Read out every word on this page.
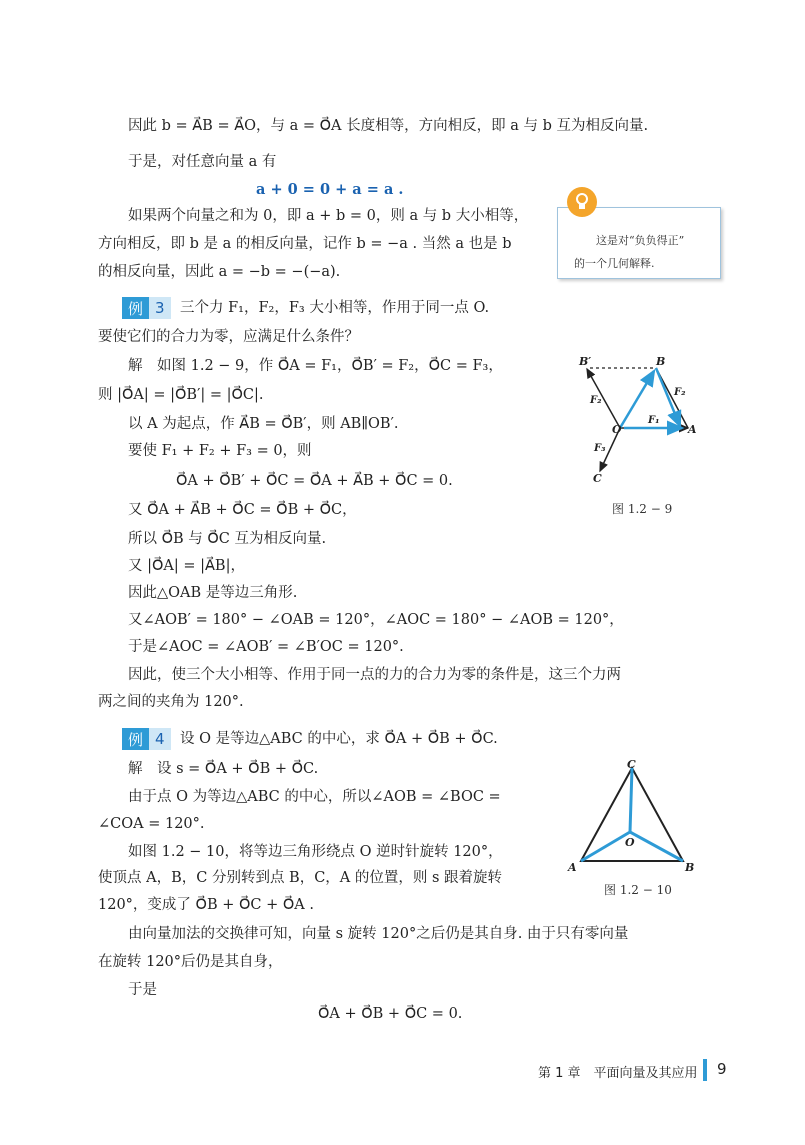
因此 b = A⃗B = A⃗O，与 a = O⃗A 长度相等，方向相反，即 a 与 b 互为相反向量.
于是，对任意向量 a 有
a + 0 = 0 + a = a .
如果两个向量之和为 0，即 a + b = 0，则 a 与 b 大小相等，
方向相反，即 b 是 a 的相反向量，记作 b = −a . 当然 a 也是 b
的相反向量，因此 a = −b = −(−a).
这是对“负负得正”
的一个几何解释.
例 3	三个力 F₁，F₂，F₃ 大小相等，作用于同一点 O.
要使它们的合力为零，应满足什么条件？
解　如图 1.2 − 9，作 O⃗A = F₁，O⃗B′ = F₂，O⃗C = F₃，
则 |O⃗A| = |O⃗B′| = |O⃗C|.
以 A 为起点，作 A⃗B = O⃗B′，则 AB∥OB′.
要使 F₁ + F₂ + F₃ = 0，则
O⃗A + O⃗B′ + O⃗C = O⃗A + A⃗B + O⃗C = 0.
又 O⃗A + A⃗B + O⃗C = O⃗B + O⃗C，
所以 O⃗B 与 O⃗C 互为相反向量.
又 |O⃗A| = |A⃗B|，
因此△OAB 是等边三角形.
又∠AOB′ = 180° − ∠OAB = 120°，∠AOC = 180° − ∠AOB = 120°，
于是∠AOC = ∠AOB′ = ∠B′OC = 120°.
因此，使三个大小相等、作用于同一点的力的合力为零的条件是，这三个力两
两之间的夹角为 120°.
B′	B
F₂
F₂
O
F₁
A
F₃
C
图 1.2 − 9
例 4	设 O 是等边△ABC 的中心，求 O⃗A + O⃗B + O⃗C.
解　设 s = O⃗A + O⃗B + O⃗C.
由于点 O 为等边△ABC 的中心，所以∠AOB = ∠BOC =
∠COA = 120°.
如图 1.2 − 10，将等边三角形绕点 O 逆时针旋转 120°，
使顶点 A，B，C 分别转到点 B，C，A 的位置，则 s 跟着旋转
120°，变成了 O⃗B + O⃗C + O⃗A .
由向量加法的交换律可知，向量 s 旋转 120°之后仍是其自身. 由于只有零向量
在旋转 120°后仍是其自身，
于是
O⃗A + O⃗B + O⃗C = 0.
C
O
A	B
图 1.2 − 10
第 1 章　平面向量及其应用 9
